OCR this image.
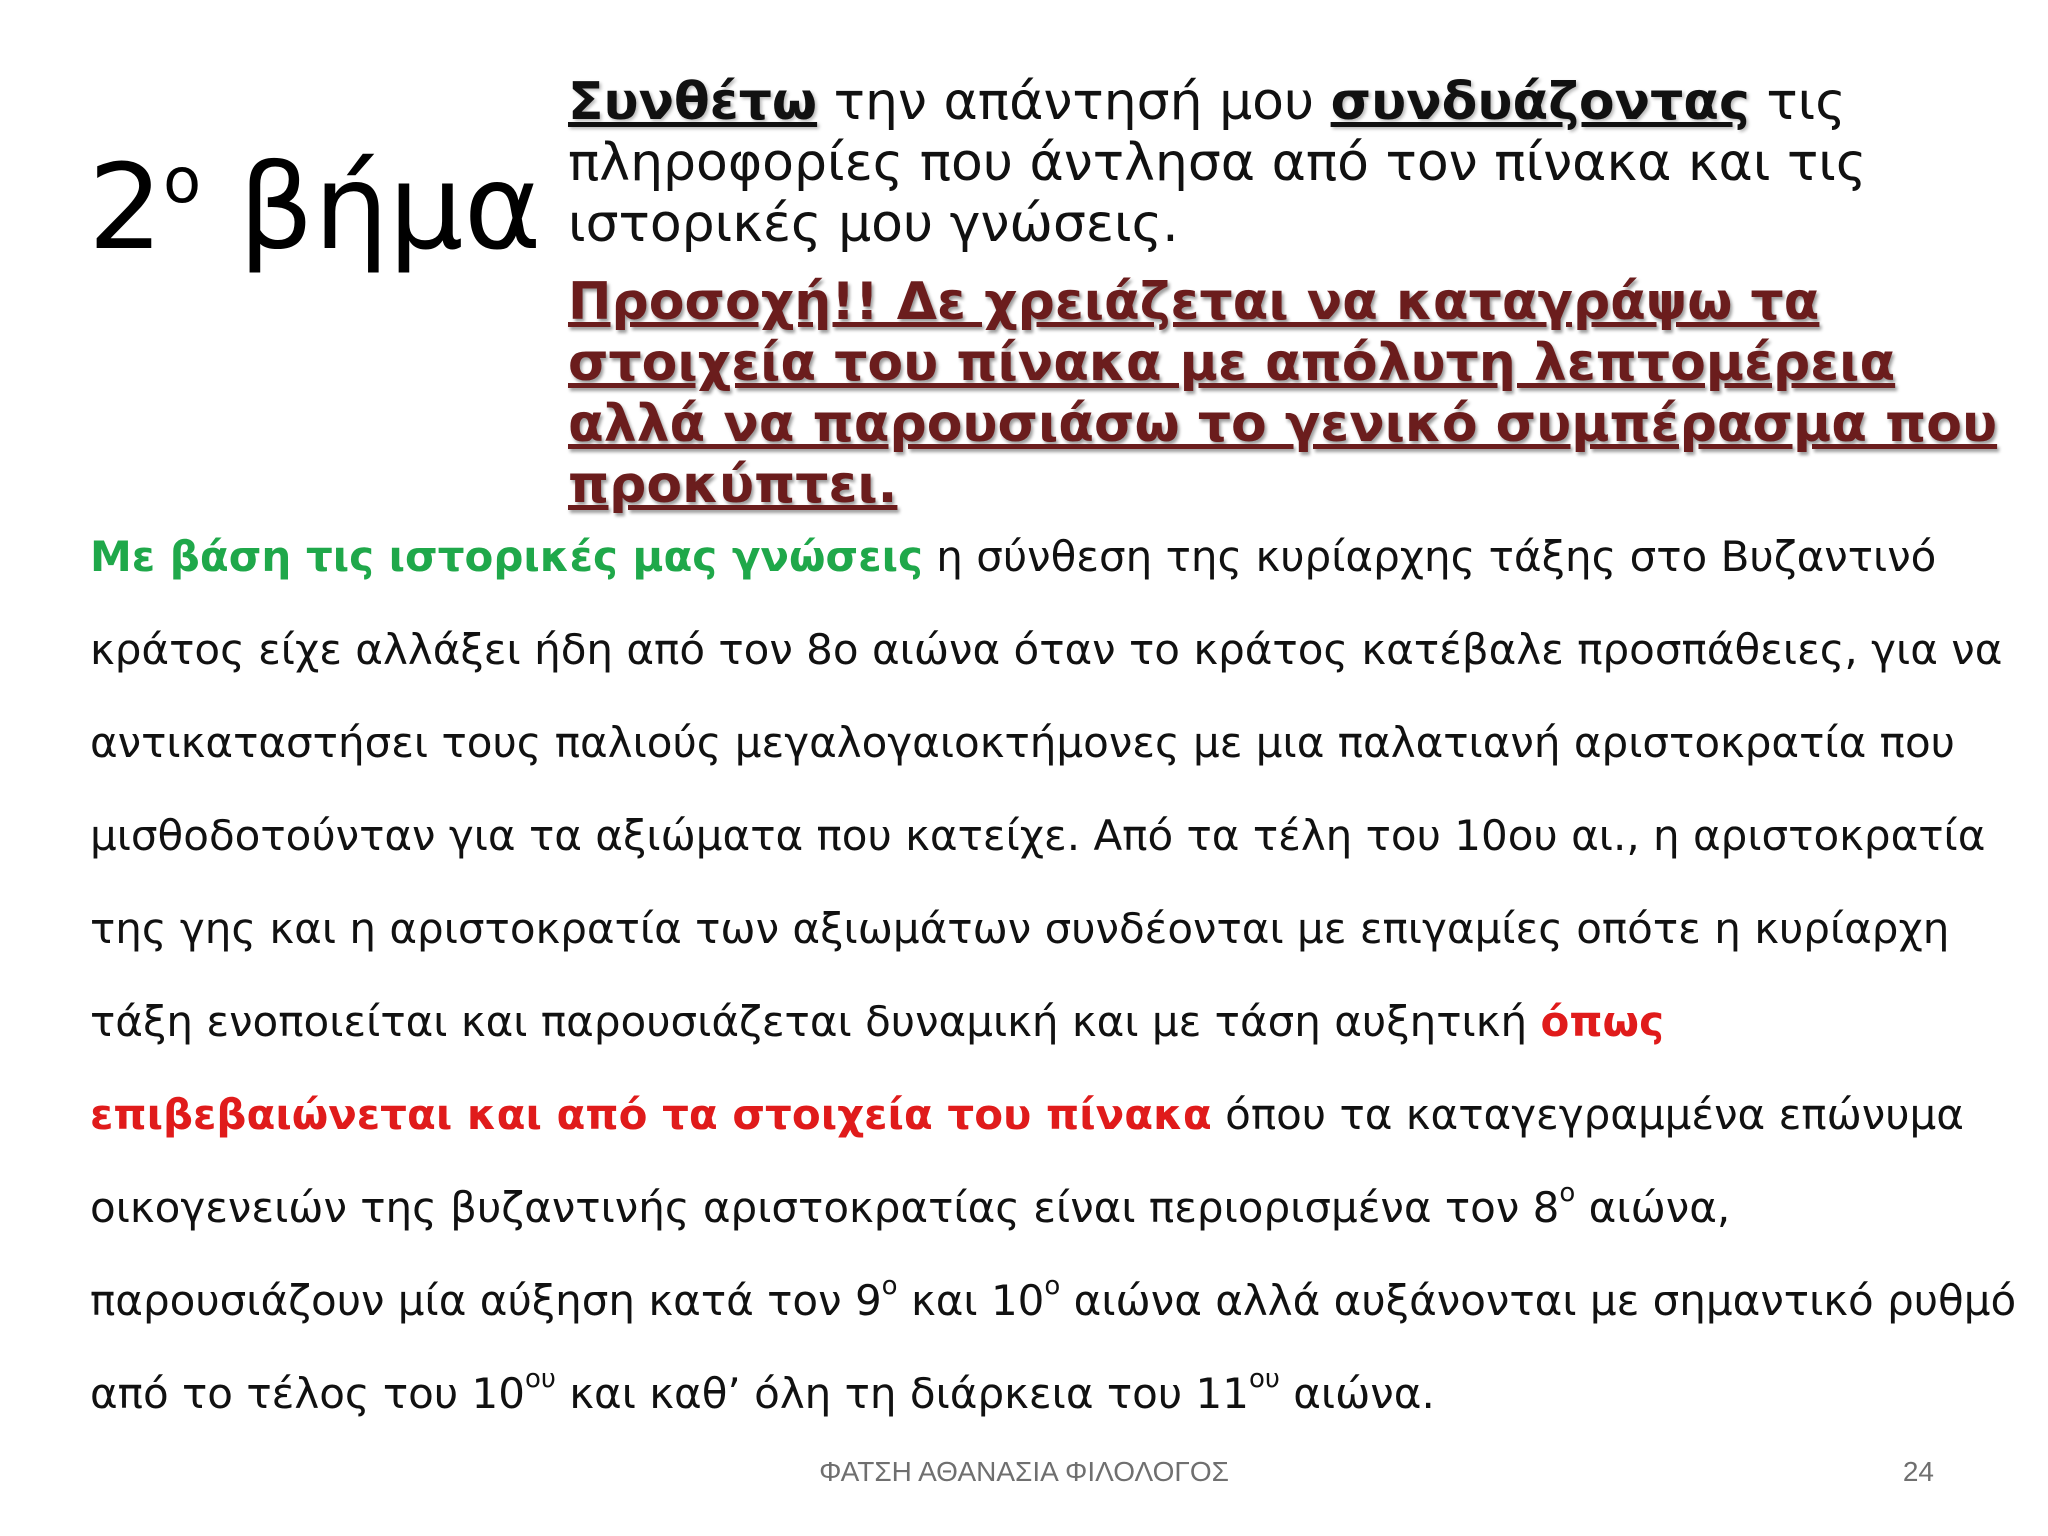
$2^o$ βήμα
Συνθέτω την απάντησή μου συνδυάζοντας τις πληροφορίες που άντλησα από τον πίνακα και τις ιστορικές μου γνώσεις.
Προσοχή!! Δε χρειάζεται να καταγράψω τα στοιχεία του πίνακα με απόλυτη λεπτομέρεια αλλά να παρουσιάσω το γενικό συμπέρασμα που προκύπτει.
Με βάση τις ιστορικές μας γνώσεις η σύνθεση της κυρίαρχης τάξης στο Βυζαντινό κράτος είχε αλλάξει ήδη από τον 8ο αιώνα όταν το κράτος κατέβαλε προσπάθειες, για να αντικαταστήσει τους παλιούς μεγαλογαιοκτήμονες με μια παλατιανή αριστοκρατία που μισθοδοτούνταν για τα αξιώματα που κατείχε. Από τα τέλη του 10ου αι., η αριστοκρατία της γης και η αριστοκρατία των αξιωμάτων συνδέονται με επιγαμίες οπότε η κυρίαρχη τάξη ενοποιείται και παρουσιάζεται δυναμική και με τάση αυξητική όπως επιβεβαιώνεται και από τα στοιχεία του πίνακα όπου τα καταγεγραμμένα επώνυμα οικογενειών της βυζαντινής αριστοκρατίας είναι περιορισμένα τον $8^o$ αιώνα, παρουσιάζουν μία αύξηση κατά τον $9^o$ και $10^o$ αιώνα αλλά αυξάνονται με σημαντικό ρυθμό από το τέλος του $10^{o\upsilon}$ και καθ’ όλη τη διάρκεια του $11^{o\upsilon}$ αιώνα.
ΦΑΤΣΗ ΑΘΑΝΑΣΙΑ ΦΙΛΟΛΟΓΟΣ	24
